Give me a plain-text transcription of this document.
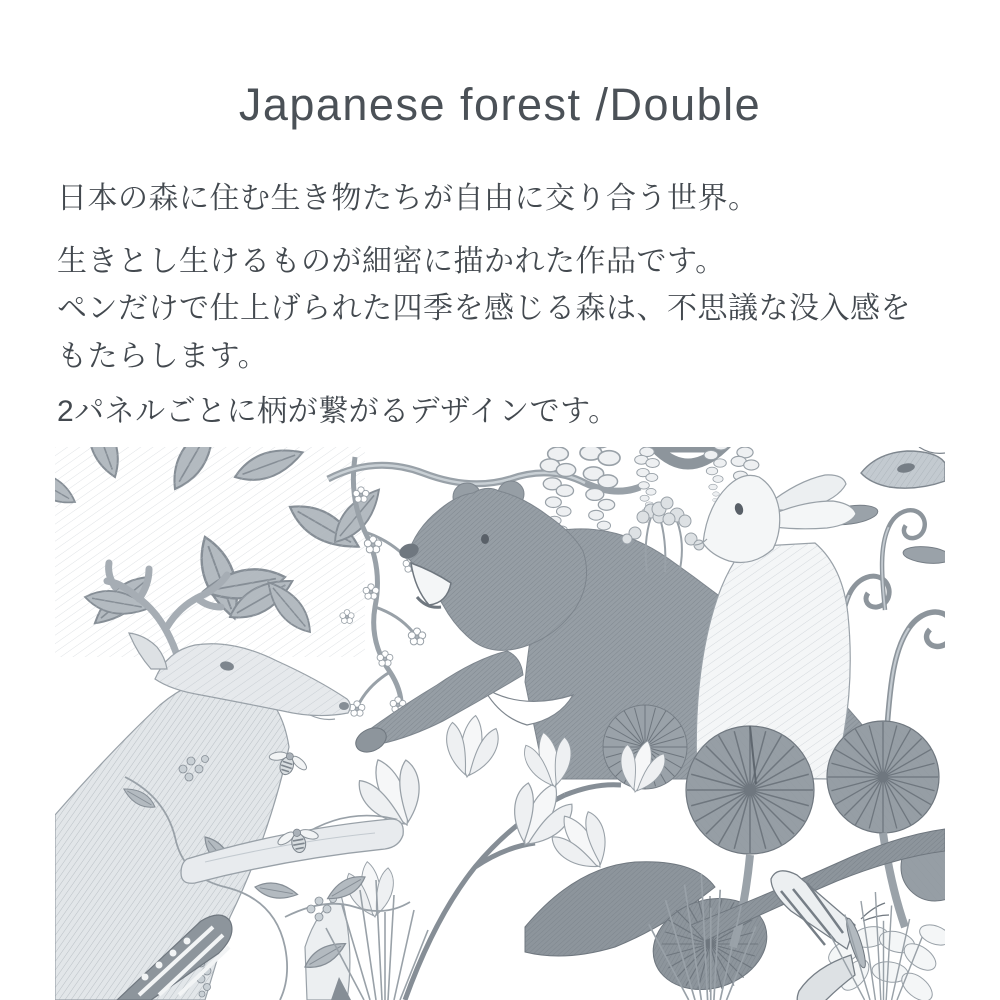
Japanese forest /Double

日本の森に住む生き物たちが自由に交り合う世界。

生きとし生けるものが細密に描かれた作品です。

ペンだけで仕上げられた四季を感じる森は、不思議な没入感を

もたらします。

2パネルごとに柄が繋がるデザインです。
